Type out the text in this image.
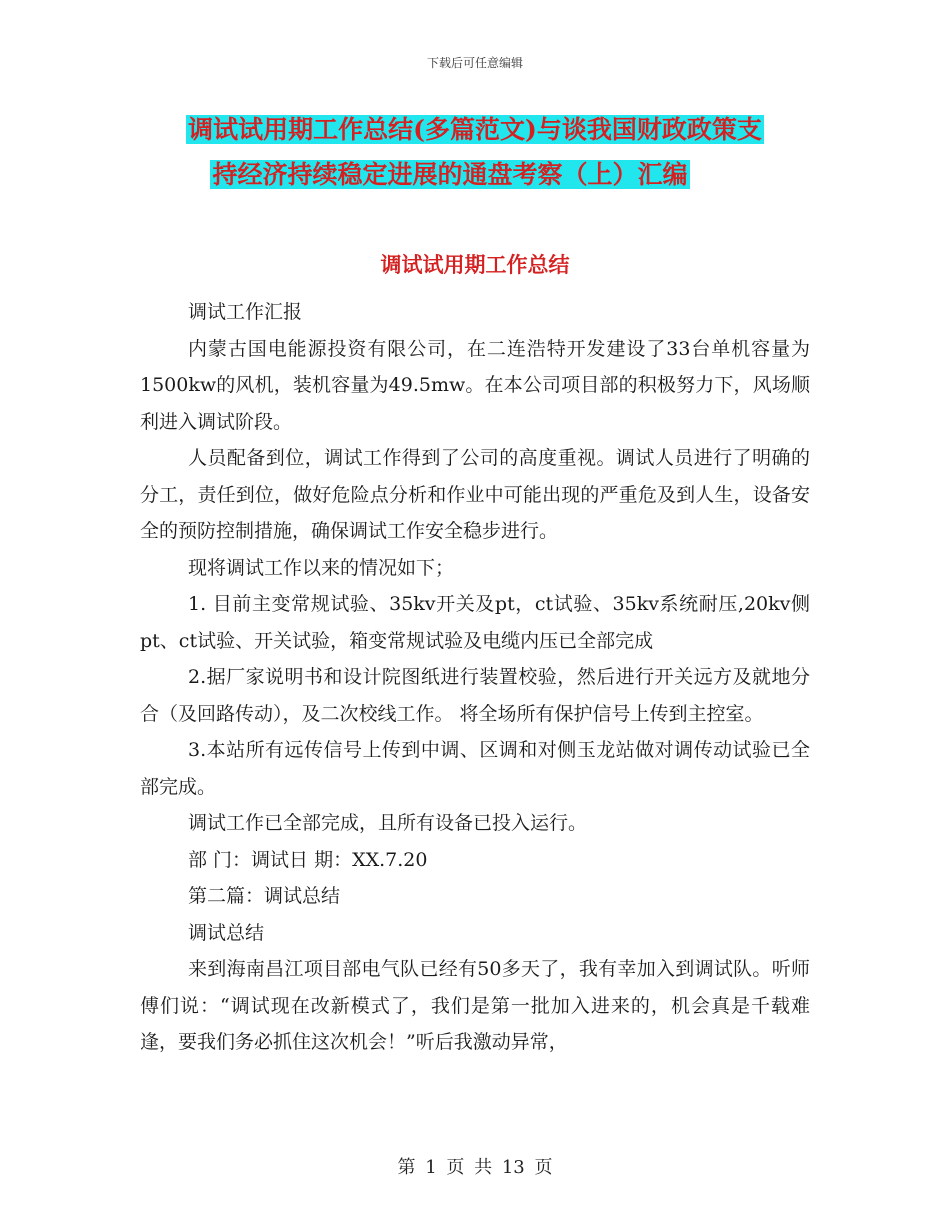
下载后可任意编辑
调试试用期工作总结(多篇范文)与谈我国财政政策支
持经济持续稳定进展的通盘考察（上）汇编
调试试用期工作总结

调试工作汇报

内蒙古国电能源投资有限公司，在二连浩特开发建设了33台单机容量为1500kw的风机，装机容量为49.5mw。在本公司项目部的积极努力下，风场顺利进入调试阶段。

人员配备到位，调试工作得到了公司的高度重视。调试人员进行了明确的分工，责任到位，做好危险点分析和作业中可能出现的严重危及到人生，设备安全的预防控制措施，确保调试工作安全稳步进行。

现将调试工作以来的情况如下；

1. 目前主变常规试验、35kv开关及pt，ct试验、35kv系统耐压,20kv侧pt、ct试验、开关试验，箱变常规试验及电缆内压已全部完成

2.据厂家说明书和设计院图纸进行装置校验，然后进行开关远方及就地分合（及回路传动），及二次校线工作。 将全场所有保护信号上传到主控室。

3.本站所有远传信号上传到中调、区调和对侧玉龙站做对调传动试验已全部完成。

调试工作已全部完成，且所有设备已投入运行。

部 门：调试日 期：XX.7.20

第二篇：调试总结

调试总结

来到海南昌江项目部电气队已经有50多天了，我有幸加入到调试队。听师傅们说：“调试现在改新模式了，我们是第一批加入进来的，机会真是千载难逢，要我们务必抓住这次机会！”听后我激动异常，

第 1 页 共 13 页
